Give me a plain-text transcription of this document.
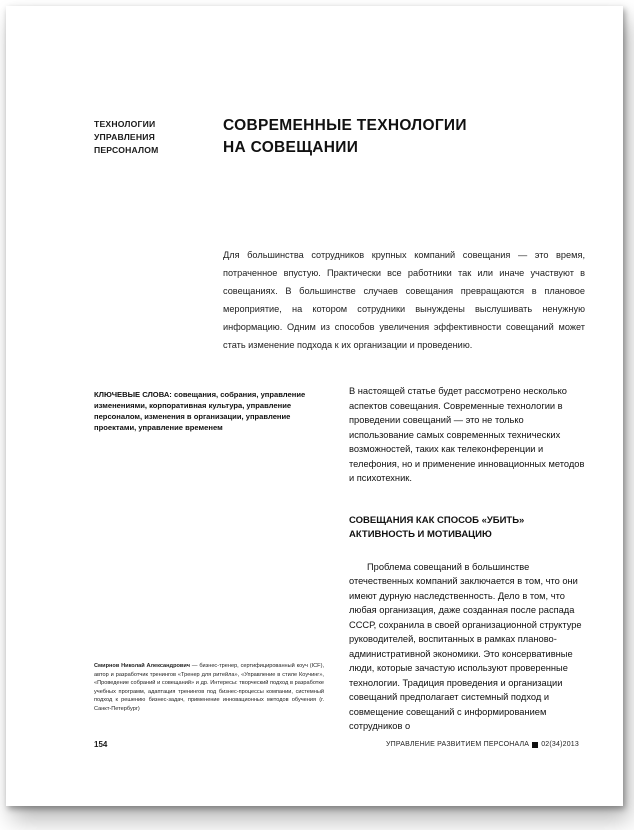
ТЕХНОЛОГИИ
УПРАВЛЕНИЯ
ПЕРСОНАЛОМ
СОВРЕМЕННЫЕ ТЕХНОЛОГИИ
НА СОВЕЩАНИИ
Для большинства сотрудников крупных компаний совещания — это время, потраченное впустую. Практически все работники так или иначе участвуют в совещаниях. В большинстве случаев совещания превращаются в плановое мероприятие, на котором сотрудники вынуждены выслушивать ненужную информацию. Одним из способов увеличения эффективности совещаний может стать изменение подхода к их организации и проведению.
КЛЮЧЕВЫЕ СЛОВА: совещания, собрания, управление изменениями, корпоративная культура, управление персоналом, изменения в организации, управление проектами, управление временем

В настоящей статье будет рассмотрено несколько аспектов совещания. Современные технологии в проведении совещаний — это не только использование самых современных технических возможностей, таких как телеконференции и телефония, но и применение инновационных методов и психотехник.

СОВЕЩАНИЯ КАК СПОСОБ «УБИТЬ» АКТИВНОСТЬ И МОТИВАЦИЮ

Проблема совещаний в большинстве отечественных компаний заключается в том, что они имеют дурную наследственность. Дело в том, что любая организация, даже созданная после распада СССР, сохранила в своей организационной структуре руководителей, воспитанных в рамках планово-административной экономики. Это консервативные люди, которые зачастую используют проверенные технологии. Традиция проведения и организации совещаний предполагает системный подход и совмещение совещаний с информированием сотрудников о

Смирнов Николай Александрович — бизнес-тренер, сертифицированный коуч (ICF), автор и разработчик тренингов «Тренер для ритейла», «Управление в стиле Коучинг», «Проведение собраний и совещаний» и др. Интересы: творческий подход в разработке учебных программ, адаптация тренингов под бизнес-процессы компании, системный подход к решению бизнес-задач, применение инновационных методов обучения (г. Санкт-Петербург)
154	УПРАВЛЕНИЕ РАЗВИТИЕМ ПЕРСОНАЛА 02(34)2013
